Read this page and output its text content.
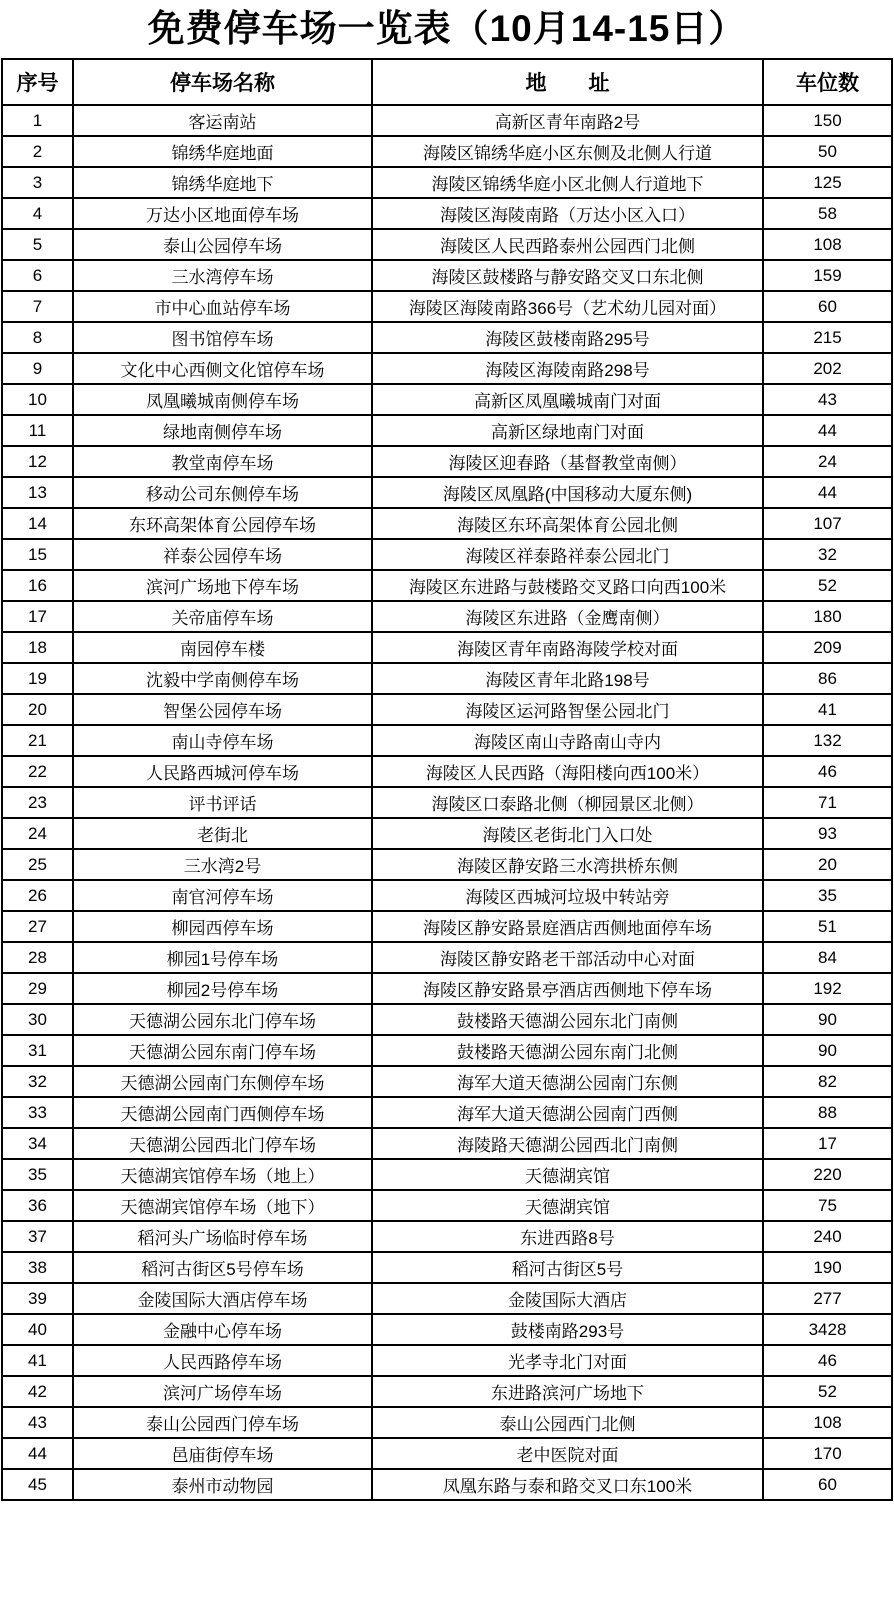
免费停车场一览表（10月14-15日）
序号	停车场名称	地　　址	车位数
1	客运南站	高新区青年南路2号	150
2	锦绣华庭地面	海陵区锦绣华庭小区东侧及北侧人行道	50
3	锦绣华庭地下	海陵区锦绣华庭小区北侧人行道地下	125
4	万达小区地面停车场	海陵区海陵南路（万达小区入口）	58
5	泰山公园停车场	海陵区人民西路泰州公园西门北侧	108
6	三水湾停车场	海陵区鼓楼路与静安路交叉口东北侧	159
7	市中心血站停车场	海陵区海陵南路366号（艺术幼儿园对面）	60
8	图书馆停车场	海陵区鼓楼南路295号	215
9	文化中心西侧文化馆停车场	海陵区海陵南路298号	202
10	凤凰曦城南侧停车场	高新区凤凰曦城南门对面	43
11	绿地南侧停车场	高新区绿地南门对面	44
12	教堂南停车场	海陵区迎春路（基督教堂南侧）	24
13	移动公司东侧停车场	海陵区凤凰路(中国移动大厦东侧)	44
14	东环高架体育公园停车场	海陵区东环高架体育公园北侧	107
15	祥泰公园停车场	海陵区祥泰路祥泰公园北门	32
16	滨河广场地下停车场	海陵区东进路与鼓楼路交叉路口向西100米	52
17	关帝庙停车场	海陵区东进路（金鹰南侧）	180
18	南园停车楼	海陵区青年南路海陵学校对面	209
19	沈毅中学南侧停车场	海陵区青年北路198号	86
20	智堡公园停车场	海陵区运河路智堡公园北门	41
21	南山寺停车场	海陵区南山寺路南山寺内	132
22	人民路西城河停车场	海陵区人民西路（海阳楼向西100米）	46
23	评书评话	海陵区口泰路北侧（柳园景区北侧）	71
24	老街北	海陵区老街北门入口处	93
25	三水湾2号	海陵区静安路三水湾拱桥东侧	20
26	南官河停车场	海陵区西城河垃圾中转站旁	35
27	柳园西停车场	海陵区静安路景庭酒店西侧地面停车场	51
28	柳园1号停车场	海陵区静安路老干部活动中心对面	84
29	柳园2号停车场	海陵区静安路景亭酒店西侧地下停车场	192
30	天德湖公园东北门停车场	鼓楼路天德湖公园东北门南侧	90
31	天德湖公园东南门停车场	鼓楼路天德湖公园东南门北侧	90
32	天德湖公园南门东侧停车场	海军大道天德湖公园南门东侧	82
33	天德湖公园南门西侧停车场	海军大道天德湖公园南门西侧	88
34	天德湖公园西北门停车场	海陵路天德湖公园西北门南侧	17
35	天德湖宾馆停车场（地上）	天德湖宾馆	220
36	天德湖宾馆停车场（地下）	天德湖宾馆	75
37	稻河头广场临时停车场	东进西路8号	240
38	稻河古街区5号停车场	稻河古街区5号	190
39	金陵国际大酒店停车场	金陵国际大酒店	277
40	金融中心停车场	鼓楼南路293号	3428
41	人民西路停车场	光孝寺北门对面	46
42	滨河广场停车场	东进路滨河广场地下	52
43	泰山公园西门停车场	泰山公园西门北侧	108
44	邑庙街停车场	老中医院对面	170
45	泰州市动物园	凤凰东路与泰和路交叉口东100米	60
